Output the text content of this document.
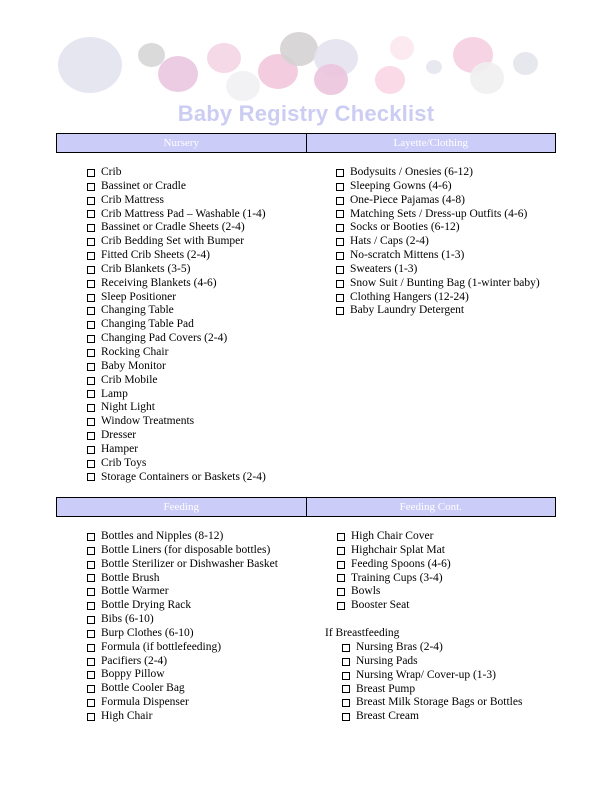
Baby Registry Checklist
Nursery	Layette/Clothing
Crib
Bassinet or Cradle
Crib Mattress
Crib Mattress Pad – Washable (1-4)
Bassinet or Cradle Sheets (2-4)
Crib Bedding Set with Bumper
Fitted Crib Sheets (2-4)
Crib Blankets (3-5)
Receiving Blankets (4-6)
Sleep Positioner
Changing Table
Changing Table Pad
Changing Pad Covers (2-4)
Rocking Chair
Baby Monitor
Crib Mobile
Lamp
Night Light
Window Treatments
Dresser
Hamper
Crib Toys
Storage Containers or Baskets (2-4)
Bodysuits / Onesies (6-12)
Sleeping Gowns (4-6)
One-Piece Pajamas (4-8)
Matching Sets / Dress-up Outfits (4-6)
Socks or Booties (6-12)
Hats / Caps (2-4)
No-scratch Mittens (1-3)
Sweaters (1-3)
Snow Suit / Bunting Bag (1-winter baby)
Clothing Hangers (12-24)
Baby Laundry Detergent
Feeding	Feeding Cont.
Bottles and Nipples (8-12)
Bottle Liners (for disposable bottles)
Bottle Sterilizer or Dishwasher Basket
Bottle Brush
Bottle Warmer
Bottle Drying Rack
Bibs (6-10)
Burp Clothes (6-10)
Formula (if bottlefeeding)
Pacifiers (2-4)
Boppy Pillow
Bottle Cooler Bag
Formula Dispenser
High Chair
High Chair Cover
Highchair Splat Mat
Feeding Spoons (4-6)
Training Cups (3-4)
Bowls
Booster Seat
If Breastfeeding
Nursing Bras (2-4)
Nursing Pads
Nursing Wrap/ Cover-up (1-3)
Breast Pump
Breast Milk Storage Bags or Bottles
Breast Cream
